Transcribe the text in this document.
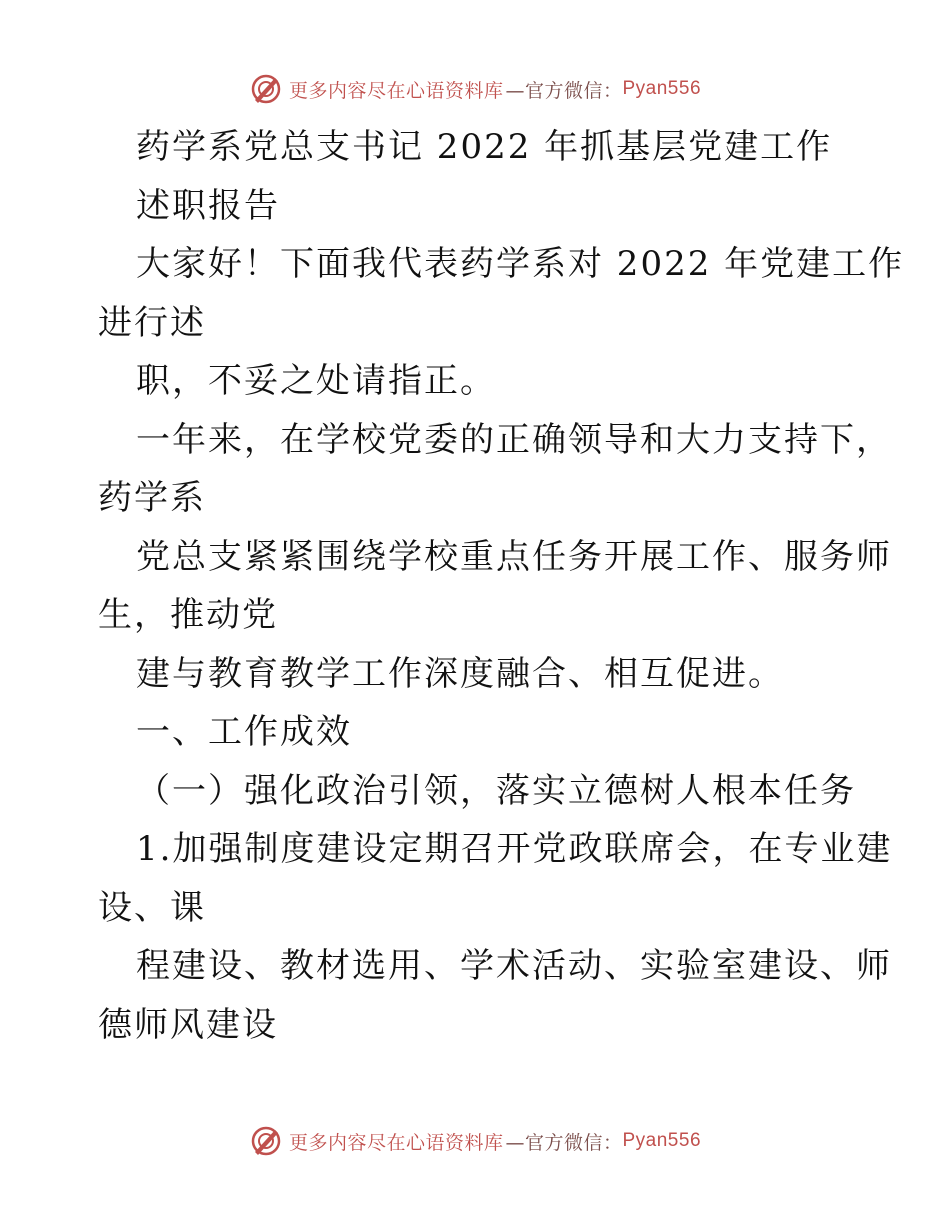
更多内容尽在心语资料库 —官方微信： Pyan556
药学系党总支书记 2022 年抓基层党建工作
述职报告
大家好！下面我代表药学系对 2022 年党建工作
进行述
职，不妥之处请指正。
一年来，在学校党委的正确领导和大力支持下，
药学系
党总支紧紧围绕学校重点任务开展工作、服务师
生，推动党
建与教育教学工作深度融合、相互促进。
一、工作成效
（一）强化政治引领，落实立德树人根本任务
1.加强制度建设定期召开党政联席会，在专业建
设、课
程建设、教材选用、学术活动、实验室建设、师
德师风建设
更多内容尽在心语资料库 —官方微信： Pyan556
